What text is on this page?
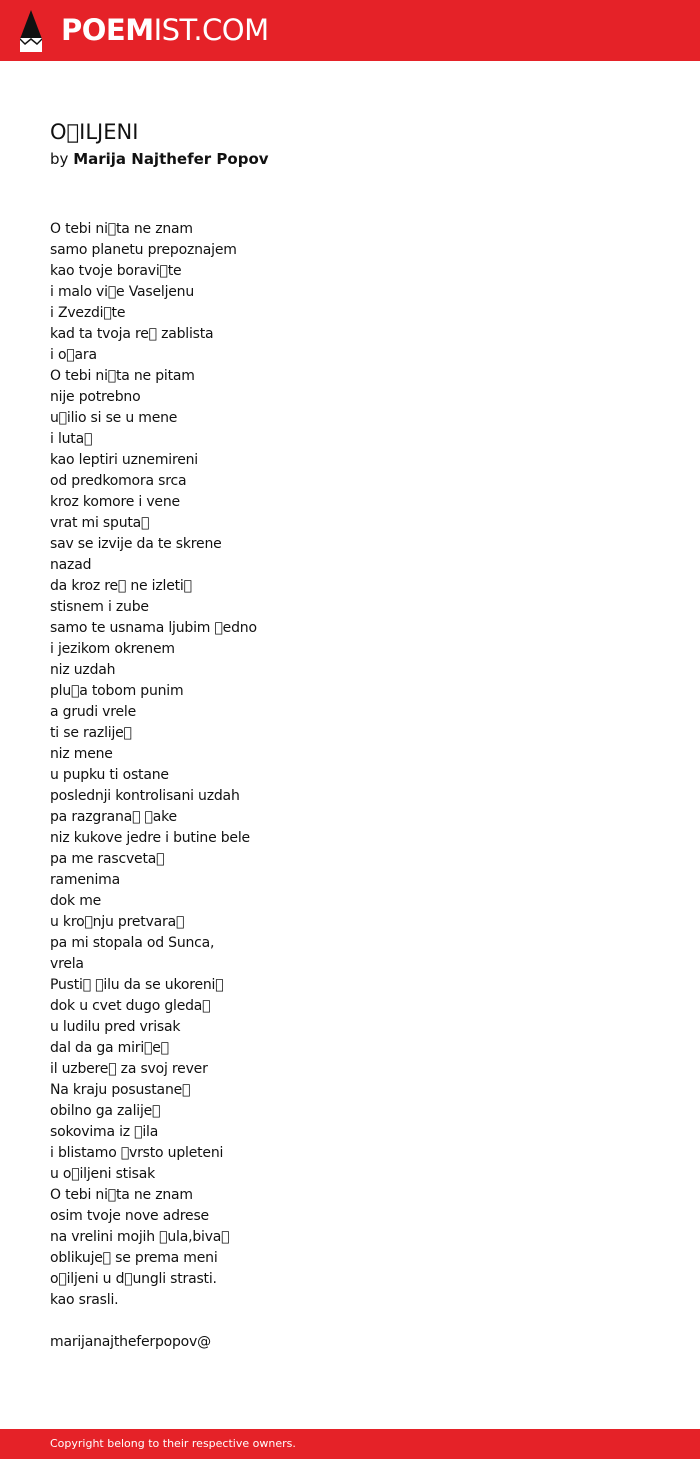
POEMIST.COM
O ILJENI
by Marija Najthefer Popov
O tebi ni ta ne znam
samo planetu prepoznajem
kao tvoje boravi te
i malo vi e Vaseljenu
i Zvezdi te
kad ta tvoja re  zablista
i o ara
O tebi ni ta ne pitam
nije potrebno
u ilio si se u mene
i luta 
kao leptiri uznemireni
od predkomora srca
kroz komore i vene
vrat mi sputa 
sav se izvije da te skrene
nazad
da kroz re  ne izleti 
stisnem i zube
samo te usnama ljubim  edno
i jezikom okrenem
niz uzdah
plu a tobom punim
a grudi vrele
ti se razlije 
niz mene
u pupku ti ostane
poslednji kontrolisani uzdah
pa razgrana   ake
niz kukove jedre i butine bele
pa me rascveta 
ramenima
dok me
u kro nju pretvara 
pa mi stopala od Sunca,
vrela
Pusti   ilu da se ukoreni 
dok u cvet dugo gleda 
u ludilu pred vrisak
dal da ga miri e 
il uzbere  za svoj rever
Na kraju posustane 
obilno ga zalije 
sokovima iz  ila
i blistamo  vrsto upleteni
u o iljeni stisak
O tebi ni ta ne znam
osim tvoje nove adrese
na vrelini mojih  ula,biva 
oblikuje  se prema meni
o iljeni u d ungli strasti.
kao srasli.
marijanajtheferpopov@
Copyright belong to their respective owners.
